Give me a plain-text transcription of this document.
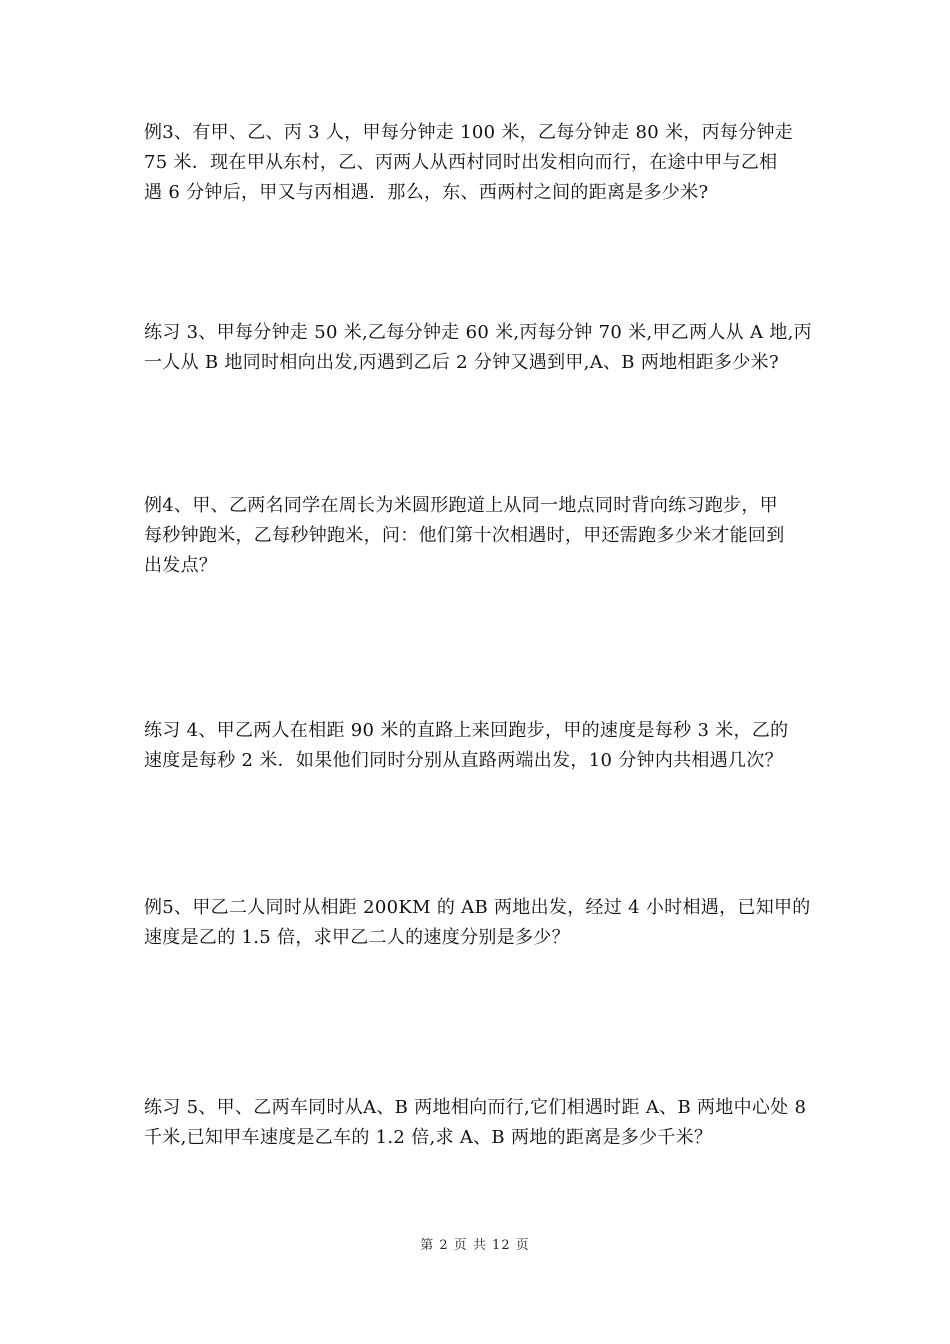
例3、有甲、乙、丙 3 人，甲每分钟走 100 米，乙每分钟走 80 米，丙每分钟走
75 米．现在甲从东村，乙、丙两人从西村同时出发相向而行，在途中甲与乙相
遇 6 分钟后，甲又与丙相遇．那么，东、西两村之间的距离是多少米?
练习 3、甲每分钟走 50 米,乙每分钟走 60 米,丙每分钟 70 米,甲乙两人从 A 地,丙
一人从 B 地同时相向出发,丙遇到乙后 2 分钟又遇到甲,A、B 两地相距多少米?
例4、甲、乙两名同学在周长为米圆形跑道上从同一地点同时背向练习跑步，甲
每秒钟跑米，乙每秒钟跑米，问：他们第十次相遇时，甲还需跑多少米才能回到
出发点？
练习 4、甲乙两人在相距 90 米的直路上来回跑步，甲的速度是每秒 3 米，乙的
速度是每秒 2 米．如果他们同时分别从直路两端出发，10 分钟内共相遇几次？
例5、甲乙二人同时从相距 200KM 的 AB 两地出发，经过 4 小时相遇，已知甲的
速度是乙的 1.5 倍，求甲乙二人的速度分别是多少？
练习 5、甲、乙两车同时从A、B 两地相向而行,它们相遇时距 A、B 两地中心处 8
千米,已知甲车速度是乙车的 1.2 倍,求 A、B 两地的距离是多少千米？
第 2 页 共 12 页
